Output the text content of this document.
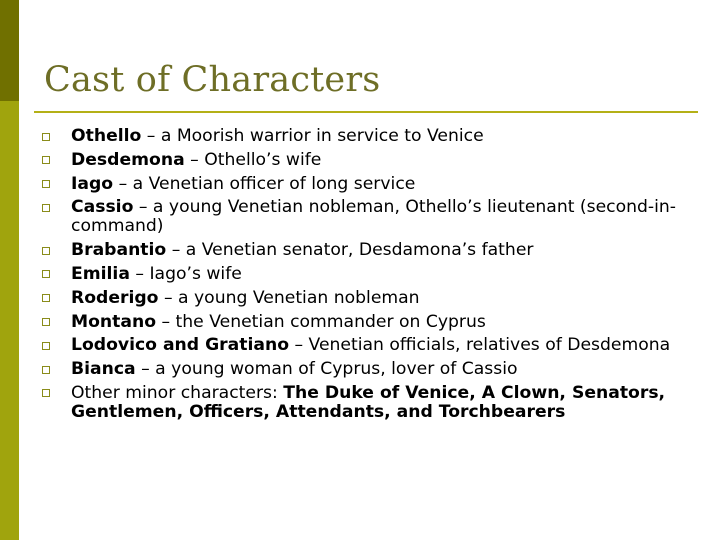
Cast of Characters
Othello – a Moorish warrior in service to Venice
Desdemona – Othello’s wife
Iago – a Venetian officer of long service
Cassio – a young Venetian nobleman, Othello’s lieutenant (second-in-command)
Brabantio – a Venetian senator, Desdamona’s father
Emilia – Iago’s wife
Roderigo – a young Venetian nobleman
Montano – the Venetian commander on Cyprus
Lodovico and Gratiano – Venetian officials, relatives of Desdemona
Bianca – a young woman of Cyprus, lover of Cassio
Other minor characters: The Duke of Venice, A Clown, Senators, Gentlemen, Officers, Attendants, and Torchbearers
